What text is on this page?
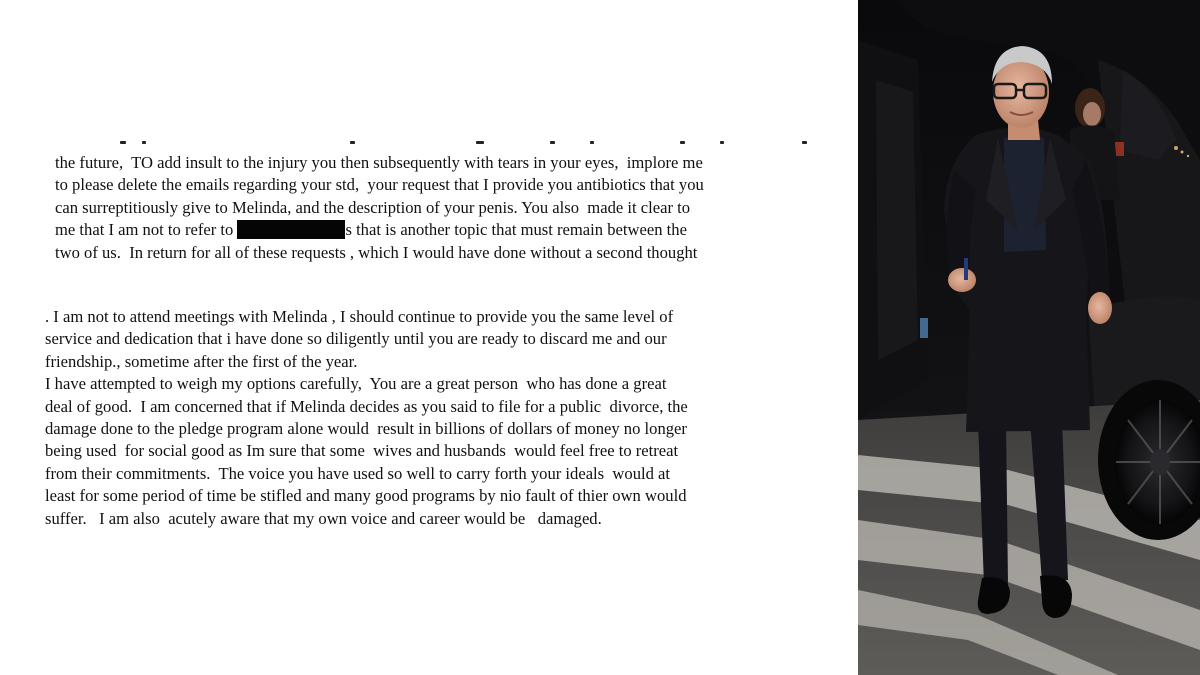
the future,  TO add insult to the injury you then subsequently with tears in your eyes,  implore me
to please delete the emails regarding your std,  your request that I provide you antibiotics that you
can surreptitiously give to Melinda, and the description of your penis. You also  made it clear to
me that I am not to refer to	s that is another topic that must remain between the
two of us.  In return for all of these requests , which I would have done without a second thought

. I am not to attend meetings with Melinda , I should continue to provide you the same level of
service and dedication that i have done so diligently until you are ready to discard me and our
friendship., sometime after the first of the year.
I have attempted to weigh my options carefully,  You are a great person  who has done a great
deal of good.  I am concerned that if Melinda decides as you said to file for a public  divorce, the
damage done to the pledge program alone would  result in billions of dollars of money no longer
being used  for social good as Im sure that some  wives and husbands  would feel free to retreat
from their commitments.  The voice you have used so well to carry forth your ideals  would at
least for some period of time be stifled and many good programs by nio fault of thier own would
suffer.   I am also  acutely aware that my own voice and career would be   damaged.
